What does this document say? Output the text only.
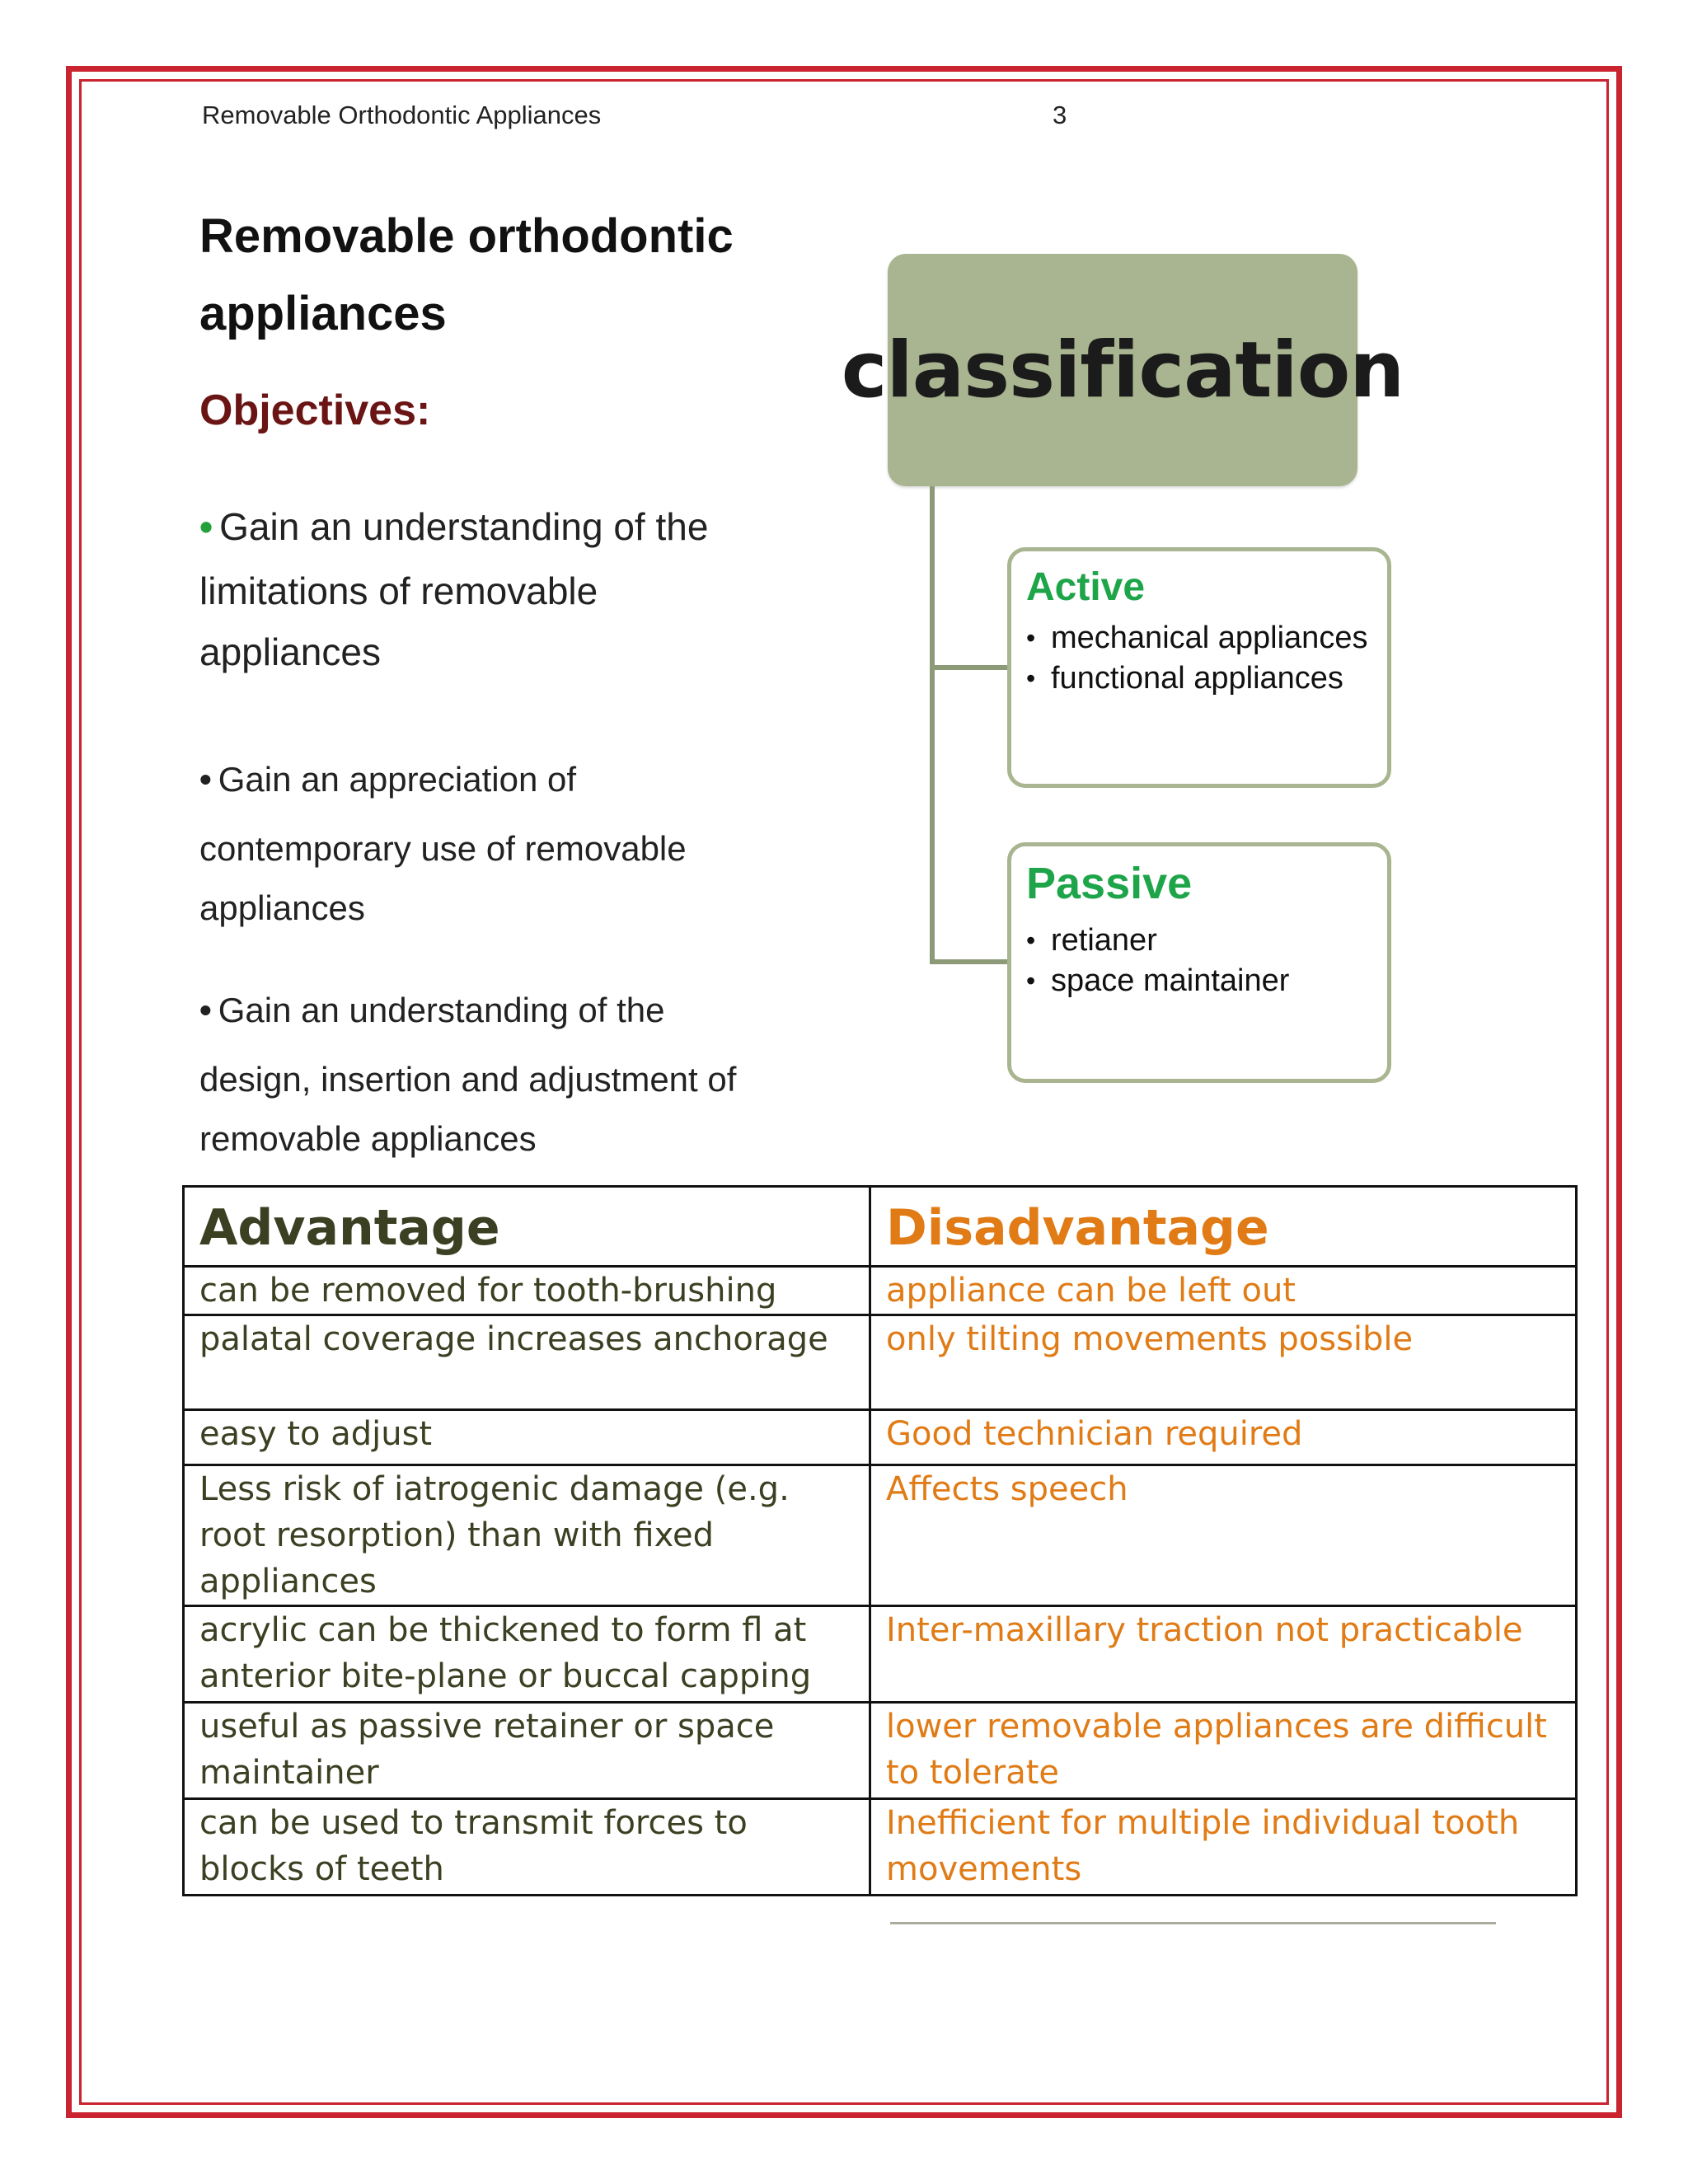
Removable Orthodontic Appliances	3
Removable orthodontic
appliances
Objectives:
• Gain an understanding of the
limitations of removable
appliances
• Gain an appreciation of
contemporary use of removable
appliances
• Gain an understanding of the
design, insertion and adjustment of
removable appliances
classification
Active
• mechanical appliances
• functional appliances
Passive
• retianer
• space maintainer
Advantage	Disadvantage
can be removed for tooth-brushing	appliance can be left out
palatal coverage increases anchorage	only tilting movements possible
easy to adjust	Good technician required
Less risk of iatrogenic damage (e.g. root resorption) than with fixed appliances	Affects speech
acrylic can be thickened to form fl at anterior bite-plane or buccal capping	Inter-maxillary traction not practicable
useful as passive retainer or space maintainer	lower removable appliances are difficult to tolerate
can be used to transmit forces to blocks of teeth	Inefficient for multiple individual tooth movements
